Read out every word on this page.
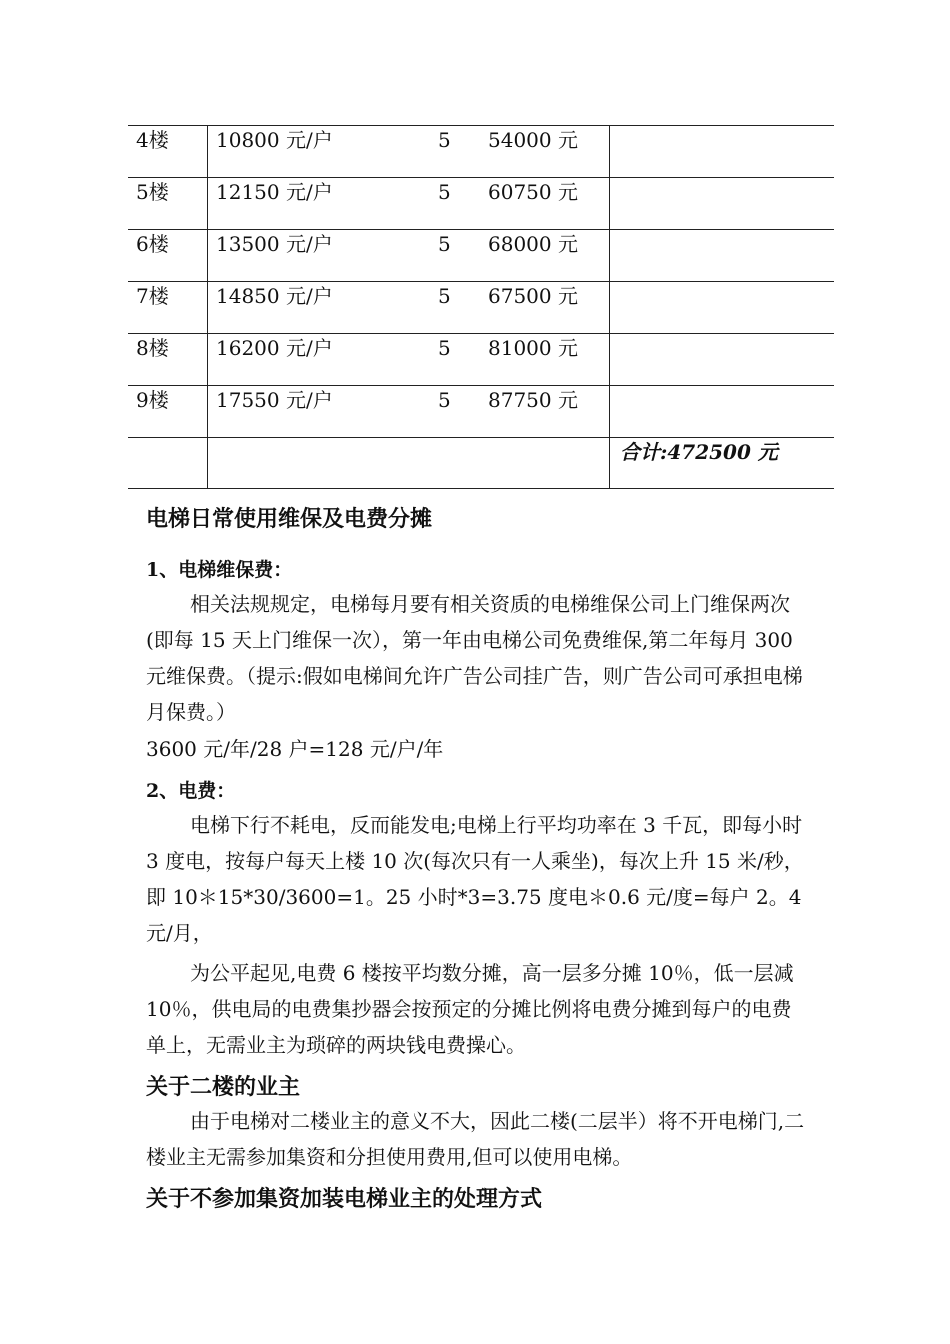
4楼 10800 元/户	5 54000 元
5楼 12150 元/户	5 60750 元
6楼 13500 元/户	5 68000 元
7楼 14850 元/户	5 67500 元
8楼 16200 元/户	5 81000 元
9楼 17550 元/户	5 87750 元
合计:472500 元
电梯日常使用维保及电费分摊
1、电梯维保费：
相关法规规定，电梯每月要有相关资质的电梯维保公司上门维保两次(即每 15 天上门维保一次），第一年由电梯公司免费维保,第二年每月 300 元维保费。（提示:假如电梯间允许广告公司挂广告，则广告公司可承担电梯月保费。）
3600 元/年/28 户=128 元/户/年
2、电费：
电梯下行不耗电，反而能发电;电梯上行平均功率在 3 千瓦，即每小时 3 度电，按每户每天上楼 10 次(每次只有一人乘坐)，每次上升 15 米/秒，即 10＊15*30/3600=1。25 小时*3=3.75 度电＊0.6 元/度=每户 2。4 元/月，
为公平起见,电费 6 楼按平均数分摊，高一层多分摊 10％，低一层减 10％，供电局的电费集抄器会按预定的分摊比例将电费分摊到每户的电费单上，无需业主为琐碎的两块钱电费操心。
关于二楼的业主
由于电梯对二楼业主的意义不大，因此二楼(二层半）将不开电梯门,二楼业主无需参加集资和分担使用费用,但可以使用电梯。
关于不参加集资加装电梯业主的处理方式
